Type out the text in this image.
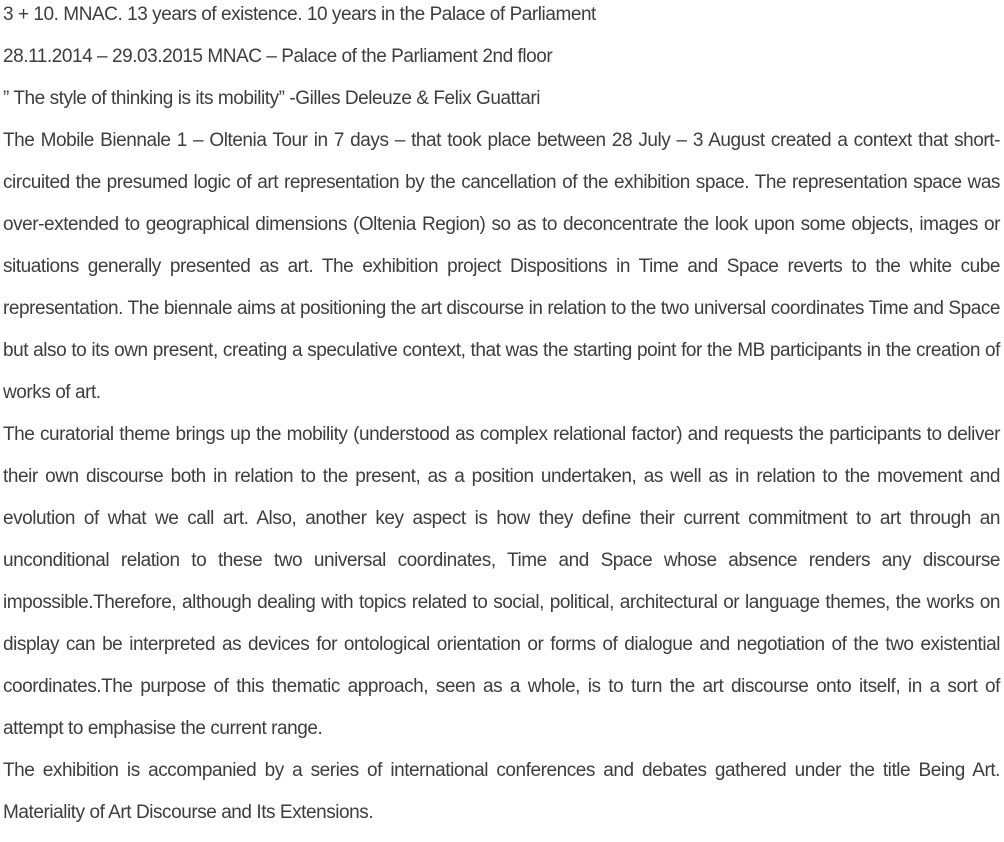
3 + 10. MNAC. 13 years of existence. 10 years in the Palace of Parliament
28.11.2014 – 29.03.2015 MNAC – Palace of the Parliament 2nd floor
” The style of thinking is its mobility” -Gilles Deleuze & Felix Guattari
The Mobile Biennale 1 – Oltenia Tour in 7 days – that took place between 28 July – 3 August created a context that short-circuited the presumed logic of art representation by the cancellation of the exhibition space. The representation space was over-extended to geographical dimensions (Oltenia Region) so as to deconcentrate the look upon some objects, images or situations generally presented as art. The exhibition project Dispositions in Time and Space reverts to the white cube representation. The biennale aims at positioning the art discourse in relation to the two universal coordinates Time and Space but also to its own present, creating a speculative context, that was the starting point for the MB participants in the creation of works of art.
The curatorial theme brings up the mobility (understood as complex relational factor) and requests the participants to deliver their own discourse both in relation to the present, as a position undertaken, as well as in relation to the movement and evolution of what we call art. Also, another key aspect is how they define their current commitment to art through an unconditional relation to these two universal coordinates, Time and Space whose absence renders any discourse impossible.Therefore, although dealing with topics related to social, political, architectural or language themes, the works on display can be interpreted as devices for ontological orientation or forms of dialogue and negotiation of the two existential coordinates.The purpose of this thematic approach, seen as a whole, is to turn the art discourse onto itself, in a sort of attempt to emphasise the current range.
The exhibition is accompanied by a series of international conferences and debates gathered under the title Being Art. Materiality of Art Discourse and Its Extensions.
